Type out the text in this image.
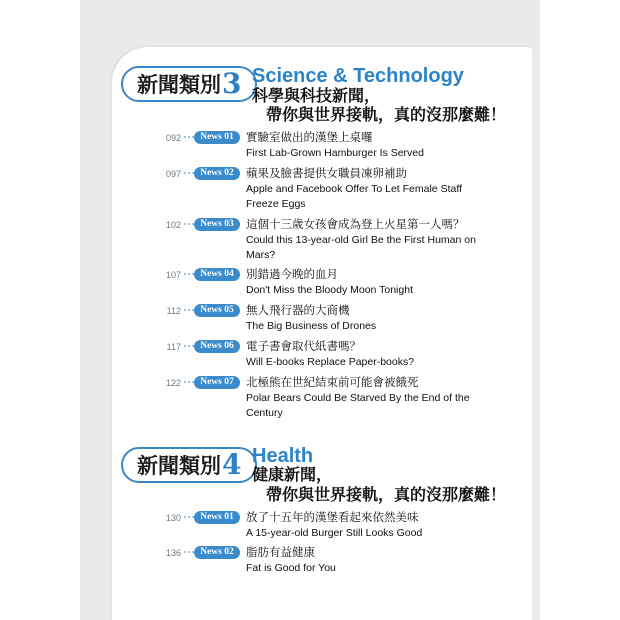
新聞類別 3 Science & Technology
科學與科技新聞，
帶你與世界接軌，真的沒那麼難！
092	News 01	實驗室做出的漢堡上桌囉
First Lab-Grown Hamburger Is Served
097	News 02	蘋果及臉書提供女職員凍卵補助
Apple and Facebook Offer To Let Female Staff Freeze Eggs
102	News 03	這個十三歲女孩會成為登上火星第一人嗎？
Could this 13-year-old Girl Be the First Human on Mars?
107	News 04	別錯過今晚的血月
Don't Miss the Bloody Moon Tonight
112	News 05	無人飛行器的大商機
The Big Business of Drones
117	News 06	電子書會取代紙書嗎？
Will E-books Replace Paper-books?
122	News 07	北極熊在世紀結束前可能會被餓死
Polar Bears Could Be Starved By the End of the Century
新聞類別 4 Health
健康新聞，
帶你與世界接軌，真的沒那麼難！
130	News 01	放了十五年的漢堡看起來依然美味
A 15-year-old Burger Still Looks Good
136	News 02	脂肪有益健康
Fat is Good for You
